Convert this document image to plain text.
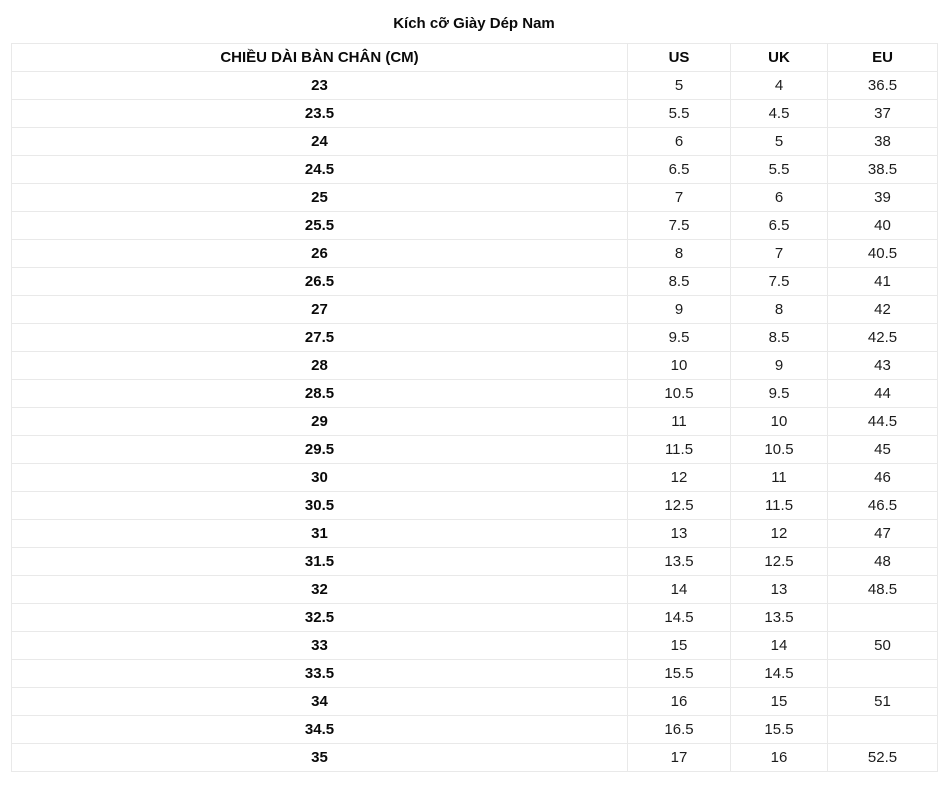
Kích cỡ Giày Dép Nam
CHIỀU DÀI BÀN CHÂN (CM)	US	UK	EU
23	5	4	36.5
23.5	5.5	4.5	37
24	6	5	38
24.5	6.5	5.5	38.5
25	7	6	39
25.5	7.5	6.5	40
26	8	7	40.5
26.5	8.5	7.5	41
27	9	8	42
27.5	9.5	8.5	42.5
28	10	9	43
28.5	10.5	9.5	44
29	11	10	44.5
29.5	11.5	10.5	45
30	12	11	46
30.5	12.5	11.5	46.5
31	13	12	47
31.5	13.5	12.5	48
32	14	13	48.5
32.5	14.5	13.5	
33	15	14	50
33.5	15.5	14.5	
34	16	15	51
34.5	16.5	15.5	
35	17	16	52.5
